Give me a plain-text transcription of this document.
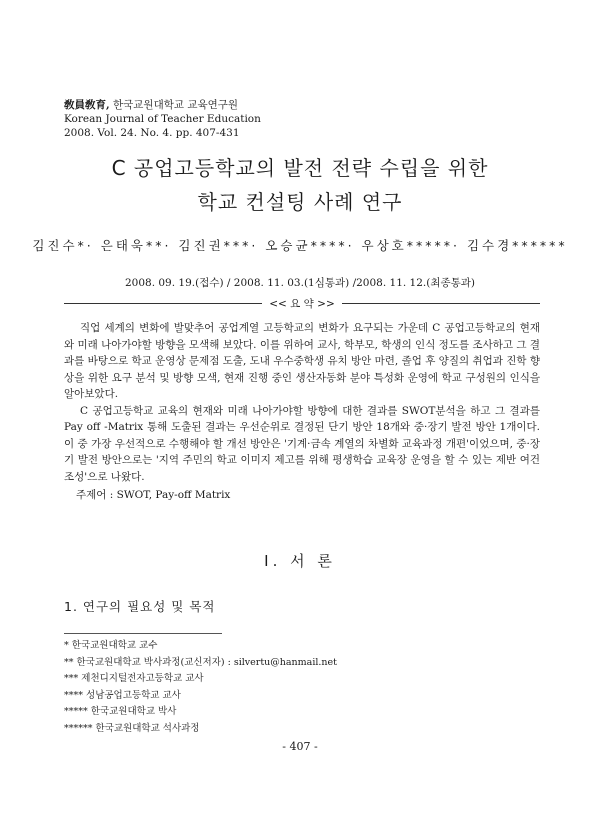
敎員敎育, 한국교원대학교 교육연구원
Korean Journal of Teacher Education
2008. Vol. 24. No. 4. pp. 407-431
C 공업고등학교의 발전 전략 수립을 위한
학교 컨설팅 사례 연구
김진수*· 은태욱**· 김진권***· 오승균****· 우상호*****· 김수경******
2008. 09. 19.(접수) / 2008. 11. 03.(1심통과) /2008. 11. 12.(최종통과)
<< 요 약 >>

직업 세계의 변화에 발맞추어 공업계열 고등학교의 변화가 요구되는 가운데 C 공업고등학교의 현재와 미래 나아가야할 방향을 모색해 보았다. 이를 위하여 교사, 학부모, 학생의 인식 정도를 조사하고 그 결과를 바탕으로 학교 운영상 문제점 도출, 도내 우수중학생 유치 방안 마련, 졸업 후 양질의 취업과 진학 향상을 위한 요구 분석 및 방향 모색, 현재 진행 중인 생산자동화 분야 특성화 운영에 학교 구성원의 인식을 알아보았다.

C 공업고등학교 교육의 현재와 미래 나아가야할 방향에 대한 결과를 SWOT분석을 하고 그 결과를 Pay off -Matrix 통해 도출된 결과는 우선순위로 결정된 단기 방안 18개와 중·장기 발전 방안 1개이다. 이 중 가장 우선적으로 수행해야 할 개선 방안은 '기계·금속 계열의 차별화 교육과정 개편'이었으며, 중·장기 발전 방안으로는 '지역 주민의 학교 이미지 제고를 위해 평생학습 교육장 운영을 할 수 있는 제반 여건 조성'으로 나왔다.

주제어 : SWOT, Pay-off Matrix
Ⅰ. 서 론
1. 연구의 필요성 및 목적
* 한국교원대학교 교수
** 한국교원대학교 박사과정(교신저자) : silvertu@hanmail.net
*** 제천디지털전자고등학교 교사
**** 성남공업고등학교 교사
***** 한국교원대학교 박사
****** 한국교원대학교 석사과정
- 407 -
